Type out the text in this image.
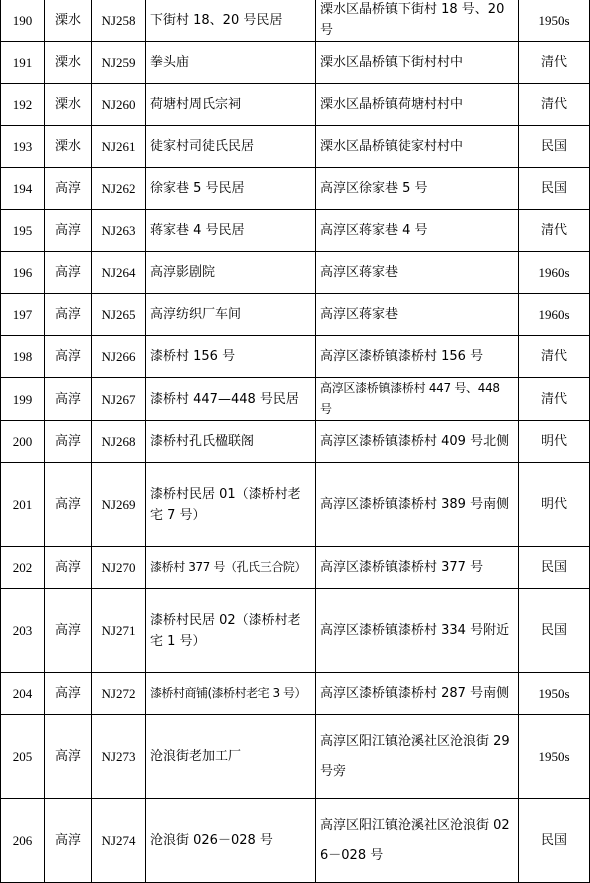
190	溧水	NJ258	下街村 18、20 号民居	溧水区晶桥镇下街村 18 号、20 号	1950s
191	溧水	NJ259	拳头庙	溧水区晶桥镇下街村村中	清代
192	溧水	NJ260	荷塘村周氏宗祠	溧水区晶桥镇荷塘村村中	清代
193	溧水	NJ261	徒家村司徒氏民居	溧水区晶桥镇徒家村村中	民国
194	高淳	NJ262	徐家巷 5 号民居	高淳区徐家巷 5 号	民国
195	高淳	NJ263	蒋家巷 4 号民居	高淳区蒋家巷 4 号	清代
196	高淳	NJ264	高淳影剧院	高淳区蒋家巷	1960s
197	高淳	NJ265	高淳纺织厂车间	高淳区蒋家巷	1960s
198	高淳	NJ266	漆桥村 156 号	高淳区漆桥镇漆桥村 156 号	清代
199	高淳	NJ267	漆桥村 447—448 号民居	高淳区漆桥镇漆桥村 447 号、448 号	清代
200	高淳	NJ268	漆桥村孔氏楹联阁	高淳区漆桥镇漆桥村 409 号北侧	明代
201	高淳	NJ269	漆桥村民居 01（漆桥村老宅 7 号）	高淳区漆桥镇漆桥村 389 号南侧	明代
202	高淳	NJ270	漆桥村 377 号（孔氏三合院）	高淳区漆桥镇漆桥村 377 号	民国
203	高淳	NJ271	漆桥村民居 02（漆桥村老宅 1 号）	高淳区漆桥镇漆桥村 334 号附近	民国
204	高淳	NJ272	漆桥村商铺(漆桥村老宅 3 号）	高淳区漆桥镇漆桥村 287 号南侧	1950s
205	高淳	NJ273	沧浪街老加工厂	高淳区阳江镇沧溪社区沧浪街 29 号旁	1950s
206	高淳	NJ274	沧浪街 026－028 号	高淳区阳江镇沧溪社区沧浪街 026－028 号	民国
